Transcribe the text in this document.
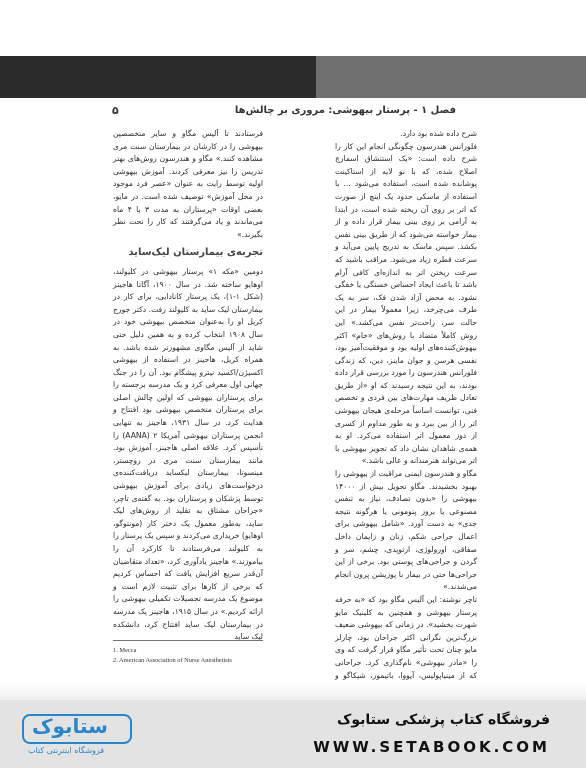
۵	فصل ۱ - پرستار بیهوشی: مروری بر چالش‌ها

شرح داده شده بود دارد.

فلورانس هندرسون چگونگی انجام این کار را شرح داده است: «یک استنشاق اسمارچ اصلاح شده، که با نو لایه از استاکینت پوشانده شده است، استفاده می‌شود ... با استفاده از ماسکی حدود یک اینچ از صورت که اتر بر روی آن ریخته شده است، در ابتدا به آرامی بر روی بینی بیمار قرار داده و از بیمار خواسته می‌شود که از طریق بینی نفس بکشد. سپس ماسک به تدریج پایین می‌آید و سرعت قطره زیاد می‌شود. مراقب باشید که سرعت ریختن اتر به اندازه‌ای کافی آرام باشد تا باعث ایجاد احساس خستگی یا خفگی نشود. به محض آزاد شدن فک، سر به یک طرف می‌چرخد، زیرا معمولاً بیمار در این حالت سر، راحت‌تر نفس می‌کشد.» این روش کاملاً متضاد با روش‌های «خام» اکثر بیهوش‌کننده‌های اولیه بود و موفقیت‌آمیز بود، نفسی هرسن و جوان ماینز، دین، که زندگی فلورانس هندرسون را مورد بررسی قرار داده بودند، به این نتیجه رسیدند که او «از طریق تعادل ظریف مهارت‌های بین فردی و تخصص فنی، توانست اساساً مرحله‌ی هیجان بیهوشی اتر را از بین ببرد و به طور مداوم از کسری از دوز معمول اتر استفاده می‌کرد. او به همه‌ی شاهدان نشان داد که تجویز بیهوشی با اتر می‌تواند هنرمندانه و عالی باشد.»

مگاو و هندرسون ایمنی مراقبت از بیهوشی را بهبود بخشیدند. مگاو تحویل بیش از ۱۴۰۰۰ بیهوشی را «بدون تصادف، نیاز به تنفس مصنوعی یا بروز پنومونی یا هرگونه نتیجه جدی» به دست آورد. «شامل بیهوشی برای اعمال جراحی شکم، زنان و زایمان داخل صفاقی، اورولوژی، ارتوپدی، چشم، سر و گردن و جراحی‌های پوستی بود. برخی از این جراحی‌ها حتی در بیمار با پوزیشن پرون انجام می‌شدند.»

تاچر نوشته: این آلیس مگاو بود که «به حرفه پرستار بیهوشی و همچنین به کلینیک مایو شهرت بخشید». در زمانی که بیهوشی ضعیف بزرگ‌ترین نگرانی اکثر جراحان بود، چارلز مایو چنان تحت تأثیر مگاو قرار گرفت که وی را «مادر بیهوشی» نام‌گذاری کرد. جراحانی که از مینیاپولیس، آیووا، باتیمور، شیکاگو و

فرستادند تا آلیس مگاو و سایر متخصصین بیهوشی را در کارشان در بیمارستان سنت مری مشاهده کنند.» مگاو و هندرسون روش‌های بهتر تدریس را نیز معرفی کردند. آموزش بیهوشی اولیه توسط رایت به عنوان «عصر فرد موجود در محل آموزش» توصیف شده است. در مایو، بعضی اوقات «پرستاران به مدت ۳ یا ۴ ماه می‌ماندند و یاد می‌گرفتند که کار را تحت نظر بگیرند.»

تجربه‌ی بیمارستان لیک‌ساید

دومین «مکه ۱» پرستار بیهوشی در کلیولند، اوهایو ساخته شد. در سال ۱۹۰۰، آگاتا هاجینز (شکل ۱-۱)، یک پرستار کانادایی، برای کار در بیمارستان لیک ساید به کلیولند رفت. دکتر جورج کریل او را به‌عنوان متخصص بیهوشی خود در سال ۱۹۰۸ انتخاب کرده و به همین دلیل حتی شاید از آلیس مگاوی مشهورتر شده باشد. به همراه کریل، هاجینز در استفاده از بیهوشی اکسیژن/اکسید نیترو پیشگام بود. آن را در جنگ جهانی اول معرفی کرد و یک مدرسه برجسته را برای پرستاران بیهوشی که اولین چالش اصلی برای پرستاران متخصص بیهوشی بود افتتاح و هدایت کرد. در سال ۱۹۳۱، هاجینز به تنهایی انجمن پرستاران بیهوشی آمریکا ۲ (AANA) را تأسیس کرد. علاقه اصلی هاجینز، آموزش بود. مانند بیمارستان سنت مری در روچستر، مینسوتا، بیمارستان لیکساید دریافت‌کننده‌ی درخواست‌های زیادی برای آموزش بیهوشی توسط پزشکان و پرستاران بود. به گفته‌ی تاچر، «جراحان مشتاق به تقلید از روش‌های لیک ساید، به‌طور معمول یک دختر کار (مونتوگو، اوهایو) خریداری می‌کردند و سپس یک پرستار را به کلیولند می‌فرستادند تا کارکرد آن را بیاموزند.» هاجینز یادآوری کرد، «تعداد متقاضیان آن‌قدر سریع افزایش یافت که احساس کردیم که برخی از کارها برای تثبیت لازم است و موضوع یک مدرسه تحصیلات تکمیلی بیهوشی را ارائه کردیم.» در سال ۱۹۱۵، هاجینز یک مدرسه در بیمارستان لیک ساید افتتاح کرد، دانشکده لیک ساید

1. Mecca
2. American Association of Nurse Anesthetists
ستابوک
فروشگاه اینترنتی کتاب
فروشگاه کتاب پزشکی ستابوک
WWW.SETABOOK.COM
